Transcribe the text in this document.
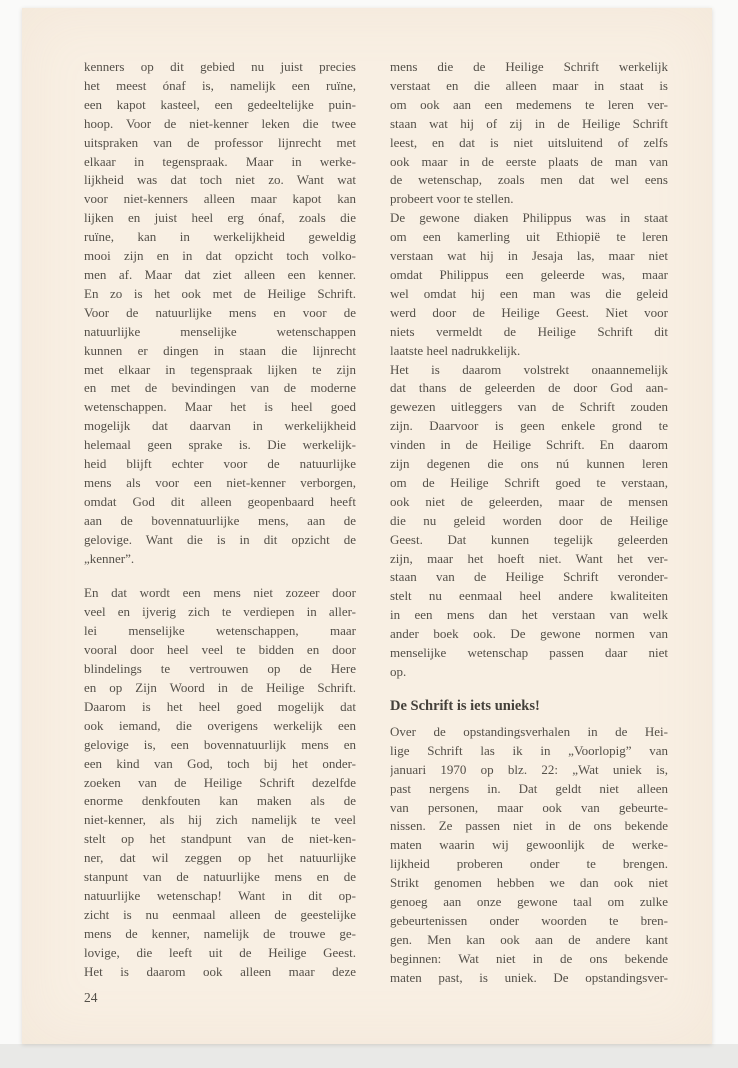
kenners op dit gebied nu juist precies
het meest ónaf is, namelijk een ruïne,
een kapot kasteel, een gedeeltelijke puin-
hoop. Voor de niet-kenner leken die twee
uitspraken van de professor lijnrecht met
elkaar in tegenspraak. Maar in werke-
lijkheid was dat toch niet zo. Want wat
voor niet-kenners alleen maar kapot kan
lijken en juist heel erg ónaf, zoals die
ruïne, kan in werkelijkheid geweldig
mooi zijn en in dat opzicht toch volko-
men af. Maar dat ziet alleen een kenner.
En zo is het ook met de Heilige Schrift.
Voor de natuurlijke mens en voor de
natuurlijke menselijke wetenschappen
kunnen er dingen in staan die lijnrecht
met elkaar in tegenspraak lijken te zijn
en met de bevindingen van de moderne
wetenschappen. Maar het is heel goed
mogelijk dat daarvan in werkelijkheid
helemaal geen sprake is. Die werkelijk-
heid blijft echter voor de natuurlijke
mens als voor een niet-kenner verborgen,
omdat God dit alleen geopenbaard heeft
aan de bovennatuurlijke mens, aan de
gelovige. Want die is in dit opzicht de
„kenner”.
En dat wordt een mens niet zozeer door
veel en ijverig zich te verdiepen in aller-
lei menselijke wetenschappen, maar
vooral door heel veel te bidden en door
blindelings te vertrouwen op de Here
en op Zijn Woord in de Heilige Schrift.
Daarom is het heel goed mogelijk dat
ook iemand, die overigens werkelijk een
gelovige is, een bovennatuurlijk mens en
een kind van God, toch bij het onder-
zoeken van de Heilige Schrift dezelfde
enorme denkfouten kan maken als de
niet-kenner, als hij zich namelijk te veel
stelt op het standpunt van de niet-ken-
ner, dat wil zeggen op het natuurlijke
stanpunt van de natuurlijke mens en de
natuurlijke wetenschap! Want in dit op-
zicht is nu eenmaal alleen de geestelijke
mens de kenner, namelijk de trouwe ge-
lovige, die leeft uit de Heilige Geest.
Het is daarom ook alleen maar deze
24
mens die de Heilige Schrift werkelijk
verstaat en die alleen maar in staat is
om ook aan een medemens te leren ver-
staan wat hij of zij in de Heilige Schrift
leest, en dat is niet uitsluitend of zelfs
ook maar in de eerste plaats de man van
de wetenschap, zoals men dat wel eens
probeert voor te stellen.
De gewone diaken Philippus was in staat
om een kamerling uit Ethiopië te leren
verstaan wat hij in Jesaja las, maar niet
omdat Philippus een geleerde was, maar
wel omdat hij een man was die geleid
werd door de Heilige Geest. Niet voor
niets vermeldt de Heilige Schrift dit
laatste heel nadrukkelijk.
Het is daarom volstrekt onaannemelijk
dat thans de geleerden de door God aan-
gewezen uitleggers van de Schrift zouden
zijn. Daarvoor is geen enkele grond te
vinden in de Heilige Schrift. En daarom
zijn degenen die ons nú kunnen leren
om de Heilige Schrift goed te verstaan,
ook niet de geleerden, maar de mensen
die nu geleid worden door de Heilige
Geest. Dat kunnen tegelijk geleerden
zijn, maar het hoeft niet. Want het ver-
staan van de Heilige Schrift veronder-
stelt nu eenmaal heel andere kwaliteiten
in een mens dan het verstaan van welk
ander boek ook. De gewone normen van
menselijke wetenschap passen daar niet
op.
De Schrift is iets unieks!
Over de opstandingsverhalen in de Hei-
lige Schrift las ik in „Voorlopig” van
januari 1970 op blz. 22: „Wat uniek is,
past nergens in. Dat geldt niet alleen
van personen, maar ook van gebeurte-
nissen. Ze passen niet in de ons bekende
maten waarin wij gewoonlijk de werke-
lijkheid proberen onder te brengen.
Strikt genomen hebben we dan ook niet
genoeg aan onze gewone taal om zulke
gebeurtenissen onder woorden te bren-
gen. Men kan ook aan de andere kant
beginnen: Wat niet in de ons bekende
maten past, is uniek. De opstandingsver-
